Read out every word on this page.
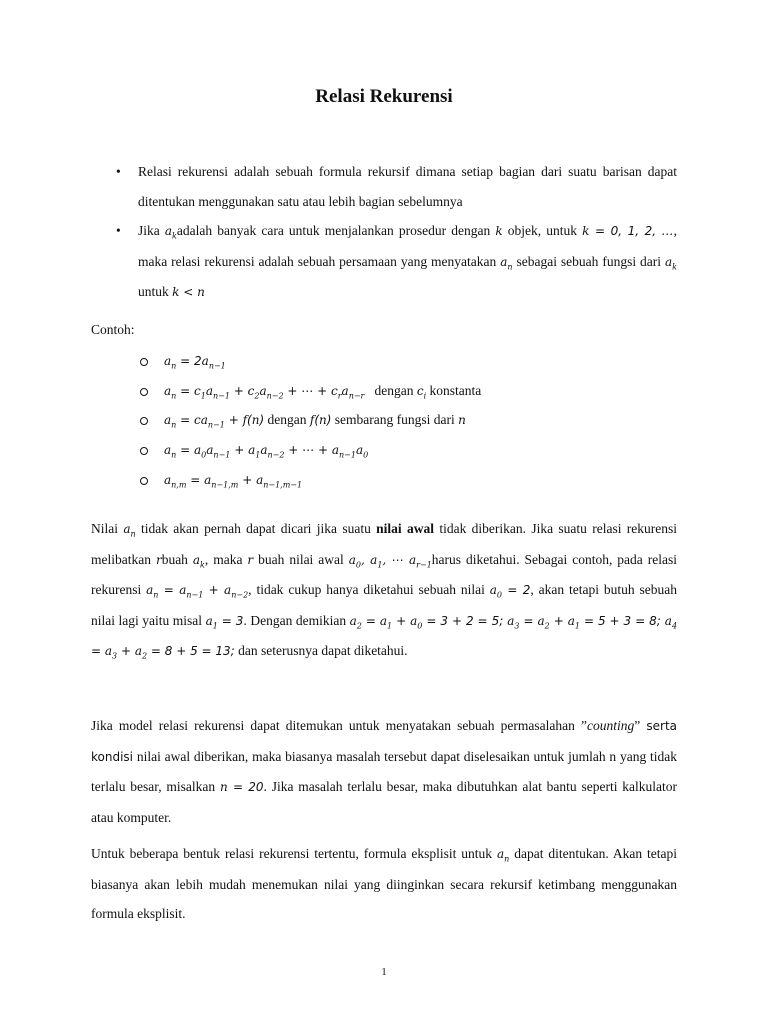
Relasi Rekurensi
• Relasi rekurensi adalah sebuah formula rekursif dimana setiap bagian dari suatu barisan dapat ditentukan menggunakan satu atau lebih bagian sebelumnya
• Jika $a_kadalah$ banyak cara untuk menjalankan prosedur dengan k objek, untuk k = 0, 1, 2, …, maka relasi rekurensi adalah sebuah persamaan yang menyatakan $a_n$ sebagai sebuah fungsi dari $a_k$ untuk k < n

Contoh:

$a_n = 2a_{n-1}$
$a_n = c_1a_{n-1} + c_2a_{n-2}$ + ⋯ + $c_ra_{n-r}$ dengan $c_i$ konstanta
$a_n = ca_{n-1} + f(n)$ dengan f(n) sembarang fungsi dari n
$a_n = a_0a_{n-1} + a_1a_{n-2}$ + ⋯ + $a_{n-1}a_0$
$a_{n,m} = a_{n-1,m} + a_{n-1,m-1}$

Nilai $a_n$ tidak akan pernah dapat dicari jika suatu nilai awal tidak diberikan. Jika suatu relasi rekurensi melibatkan rbuah $a_k$, maka r buah nilai awal $a_0$, $a_1$, ⋯ $a_{r-1}harus$ diketahui. Sebagai contoh, pada relasi rekurensi $a_n = a_{n-1} + a_{n-2}$, tidak cukup hanya diketahui sebuah nilai $a_0 = 2$, akan tetapi butuh sebuah nilai lagi yaitu misal $a_1 = 3$. Dengan demikian $a_2 = a_1 + a_0 = 3 + 2 = 5$; $a_3 = a_2 + a_1 = 5 + 3 = 8$; $a_4 = a_3 + a_2 = 8 + 5 = 13$; dan seterusnya dapat diketahui.

Jika model relasi rekurensi dapat ditemukan untuk menyatakan sebuah permasalahan ”counting” serta kondisi nilai awal diberikan, maka biasanya masalah tersebut dapat diselesaikan untuk jumlah n yang tidak terlalu besar, misalkan n = 20. Jika masalah terlalu besar, maka dibutuhkan alat bantu seperti kalkulator atau komputer.

Untuk beberapa bentuk relasi rekurensi tertentu, formula eksplisit untuk $a_n$ dapat ditentukan. Akan tetapi biasanya akan lebih mudah menemukan nilai yang diinginkan secara rekursif ketimbang menggunakan formula eksplisit.

1
